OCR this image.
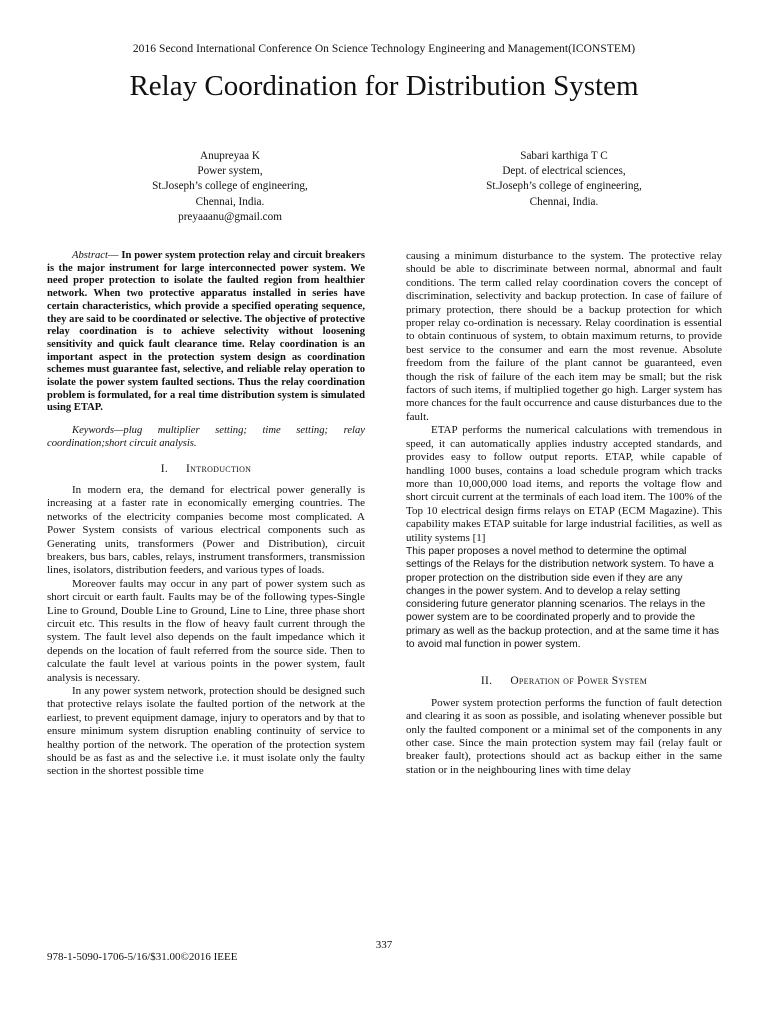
2016 Second International Conference On Science Technology Engineering and Management(ICONSTEM)
Relay Coordination for Distribution System
Anupreyaa K
Power system,
St.Joseph’s college of engineering,
Chennai, India.
preyaaanu@gmail.com
Sabari karthiga T C
Dept. of electrical sciences,
St.Joseph’s college of engineering,
Chennai, India.

Abstract— In power system protection relay and circuit breakers is the major instrument for large interconnected power system. We need proper protection to isolate the faulted region from healthier network. When two protective apparatus installed in series have certain characteristics, which provide a specified operating sequence, they are said to be coordinated or selective. The objective of protective relay coordination is to achieve selectivity without loosening sensitivity and quick fault clearance time. Relay coordination is an important aspect in the protection system design as coordination schemes must guarantee fast, selective, and reliable relay operation to isolate the power system faulted sections. Thus the relay coordination problem is formulated, for a real time distribution system is simulated using ETAP.

Keywords—plug multiplier setting; time setting; relay coordination;short circuit analysis.

I. Introduction

In modern era, the demand for electrical power generally is increasing at a faster rate in economically emerging countries. The networks of the electricity companies become most complicated. A Power System consists of various electrical components such as Generating units, transformers (Power and Distribution), circuit breakers, bus bars, cables, relays, instrument transformers, transmission lines, isolators, distribution feeders, and various types of loads.

Moreover faults may occur in any part of power system such as short circuit or earth fault. Faults may be of the following types-Single Line to Ground, Double Line to Ground, Line to Line, three phase short circuit etc. This results in the flow of heavy fault current through the system. The fault level also depends on the fault impedance which it depends on the location of fault referred from the source side. Then to calculate the fault level at various points in the power system, fault analysis is necessary.

In any power system network, protection should be designed such that protective relays isolate the faulted portion of the network at the earliest, to prevent equipment damage, injury to operators and by that to ensure minimum system disruption enabling continuity of service to healthy portion of the network. The operation of the protection system should be as fast as and the selective i.e. it must isolate only the faulty section in the shortest possible time

causing a minimum disturbance to the system. The protective relay should be able to discriminate between normal, abnormal and fault conditions. The term called relay coordination covers the concept of discrimination, selectivity and backup protection. In case of failure of primary protection, there should be a backup protection for which proper relay co-ordination is necessary. Relay coordination is essential to obtain continuous of system, to obtain maximum returns, to provide best service to the consumer and earn the most revenue. Absolute freedom from the failure of the plant cannot be guaranteed, even though the risk of failure of the each item may be small; but the risk factors of such items, if multiplied together go high. Larger system has more chances for the fault occurrence and cause disturbances due to the fault.

ETAP performs the numerical calculations with tremendous in speed, it can automatically applies industry accepted standards, and provides easy to follow output reports. ETAP, while capable of handling 1000 buses, contains a load schedule program which tracks more than 10,000,000 load items, and reports the voltage flow and short circuit current at the terminals of each load item. The 100% of the Top 10 electrical design firms relays on ETAP (ECM Magazine). This capability makes ETAP suitable for large industrial facilities, as well as utility systems [1]

This paper proposes a novel method to determine the optimal settings of the Relays for the distribution network system. To have a proper protection on the distribution side even if they are any changes in the power system. And to develop a relay setting considering future generator planning scenarios. The relays in the power system are to be coordinated properly and to provide the primary as well as the backup protection, and at the same time it has to avoid mal function in power system.

II. Operation of Power System

Power system protection performs the function of fault detection and clearing it as soon as possible, and isolating whenever possible but only the faulted component or a minimal set of the components in any other case. Since the main protection system may fail (relay fault or breaker fault), protections should act as backup either in the same station or in the neighbouring lines with time delay

337
978-1-5090-1706-5/16/$31.00©2016 IEEE
